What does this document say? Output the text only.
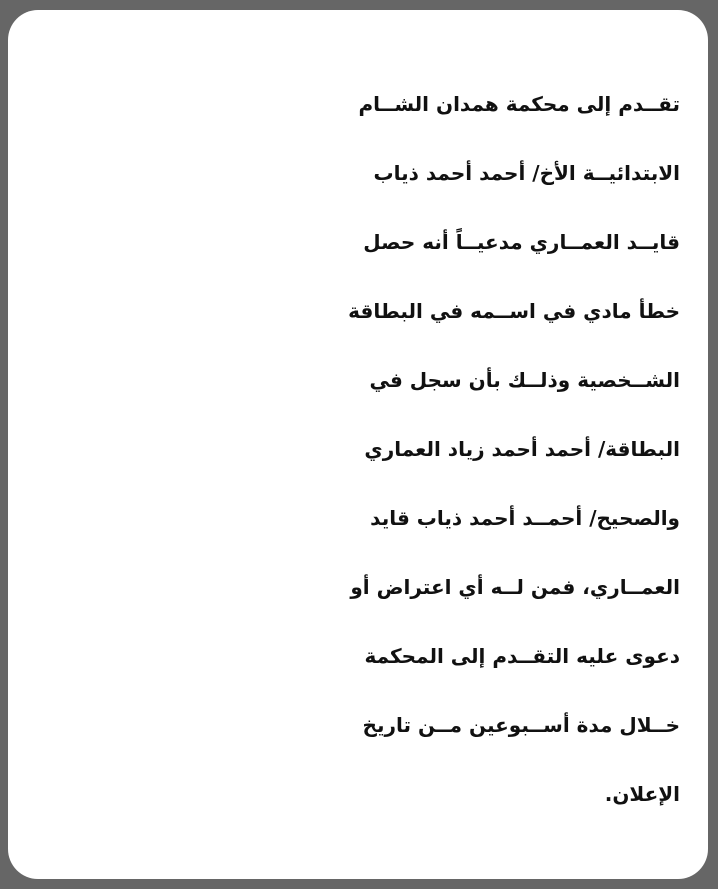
تقــدم إلى محكمة همدان الشــام
الابتدائيــة الأخ/ أحمد أحمد ذياب
قايــد العمــاري مدعيــاً أنه حصل
خطأ مادي في اســمه في البطاقة
الشــخصية وذلــك بأن سجل في
البطاقة/ أحمد أحمد زياد العماري
والصحيح/ أحمــد أحمد ذياب قايد
العمــاري، فمن لــه أي اعتراض أو
دعوى عليه التقــدم إلى المحكمة
خــلال مدة أســبوعين مــن تاريخ
الإعلان.
